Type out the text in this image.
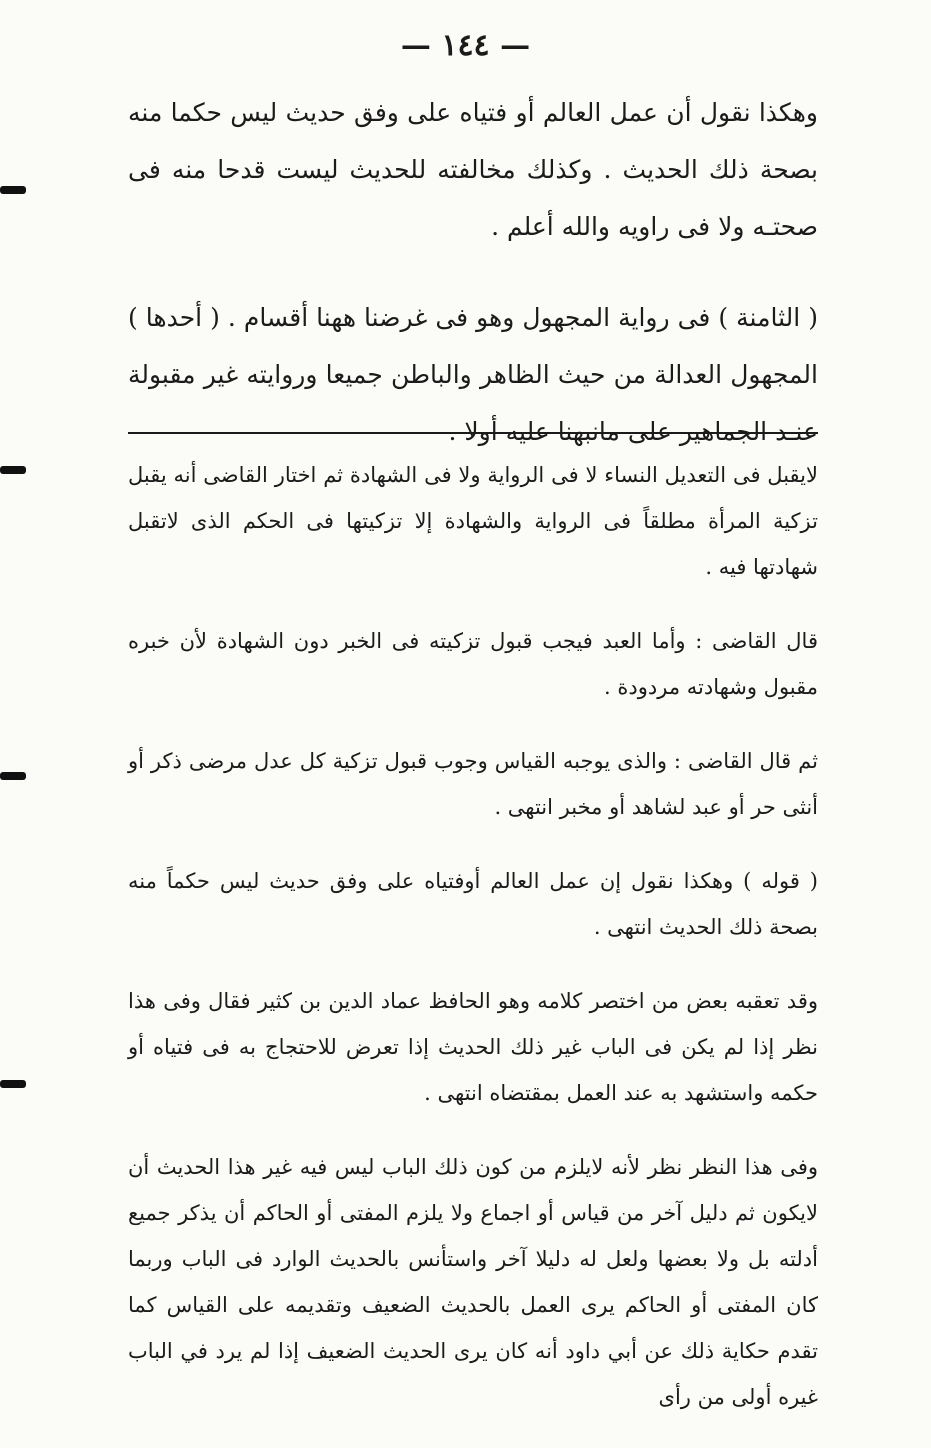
— ١٤٤ —

وهكذا نقول أن عمل العالم أو فتياه على وفق حديث ليس حكما منه بصحة ذلك الحديث . وكذلك مخالفته للحديث ليست قدحا منه فى صحتـه ولا فى راويه والله أعلم .

( الثامنة ) فى رواية المجهول وهو فى غرضنا ههنا أقسام . ( أحدها ) المجهول العدالة من حيث الظاهر والباطن جميعا وروايته غير مقبولة عنـد الجماهير على مانبهنا عليه أولا .

لايقبل فى التعديل النساء لا فى الرواية ولا فى الشهادة ثم اختار القاضى أنه يقبل تزكية المرأة مطلقاً فى الرواية والشهادة إلا تزكيتها فى الحكم الذى لاتقبل شهادتها فيه .

قال القاضى : وأما العبد فيجب قبول تزكيته فى الخبر دون الشهادة لأن خبره مقبول وشهادته مردودة .

ثم قال القاضى : والذى يوجبه القياس وجوب قبول تزكية كل عدل مرضى ذكر أو أنثى حر أو عبد لشاهد أو مخبر انتهى .

( قوله ) وهكذا نقول إن عمل العالم أوفتياه على وفق حديث ليس حكماً منه بصحة ذلك الحديث انتهى .

وقد تعقبه بعض من اختصر كلامه وهو الحافظ عماد الدين بن كثير فقال وفى هذا نظر إذا لم يكن فى الباب غير ذلك الحديث إذا تعرض للاحتجاج به فى فتياه أو حكمه واستشهد به عند العمل بمقتضاه انتهى .

وفى هذا النظر نظر لأنه لايلزم من كون ذلك الباب ليس فيه غير هذا الحديث أن لايكون ثم دليل آخر من قياس أو اجماع ولا يلزم المفتى أو الحاكم أن يذكر جميع أدلته بل ولا بعضها ولعل له دليلا آخر واستأنس بالحديث الوارد فى الباب وربما كان المفتى أو الحاكم يرى العمل بالحديث الضعيف وتقديمه على القياس كما تقدم حكاية ذلك عن أبي داود أنه كان يرى الحديث الضعيف إذا لم يرد في الباب غيره أولى من رأى
